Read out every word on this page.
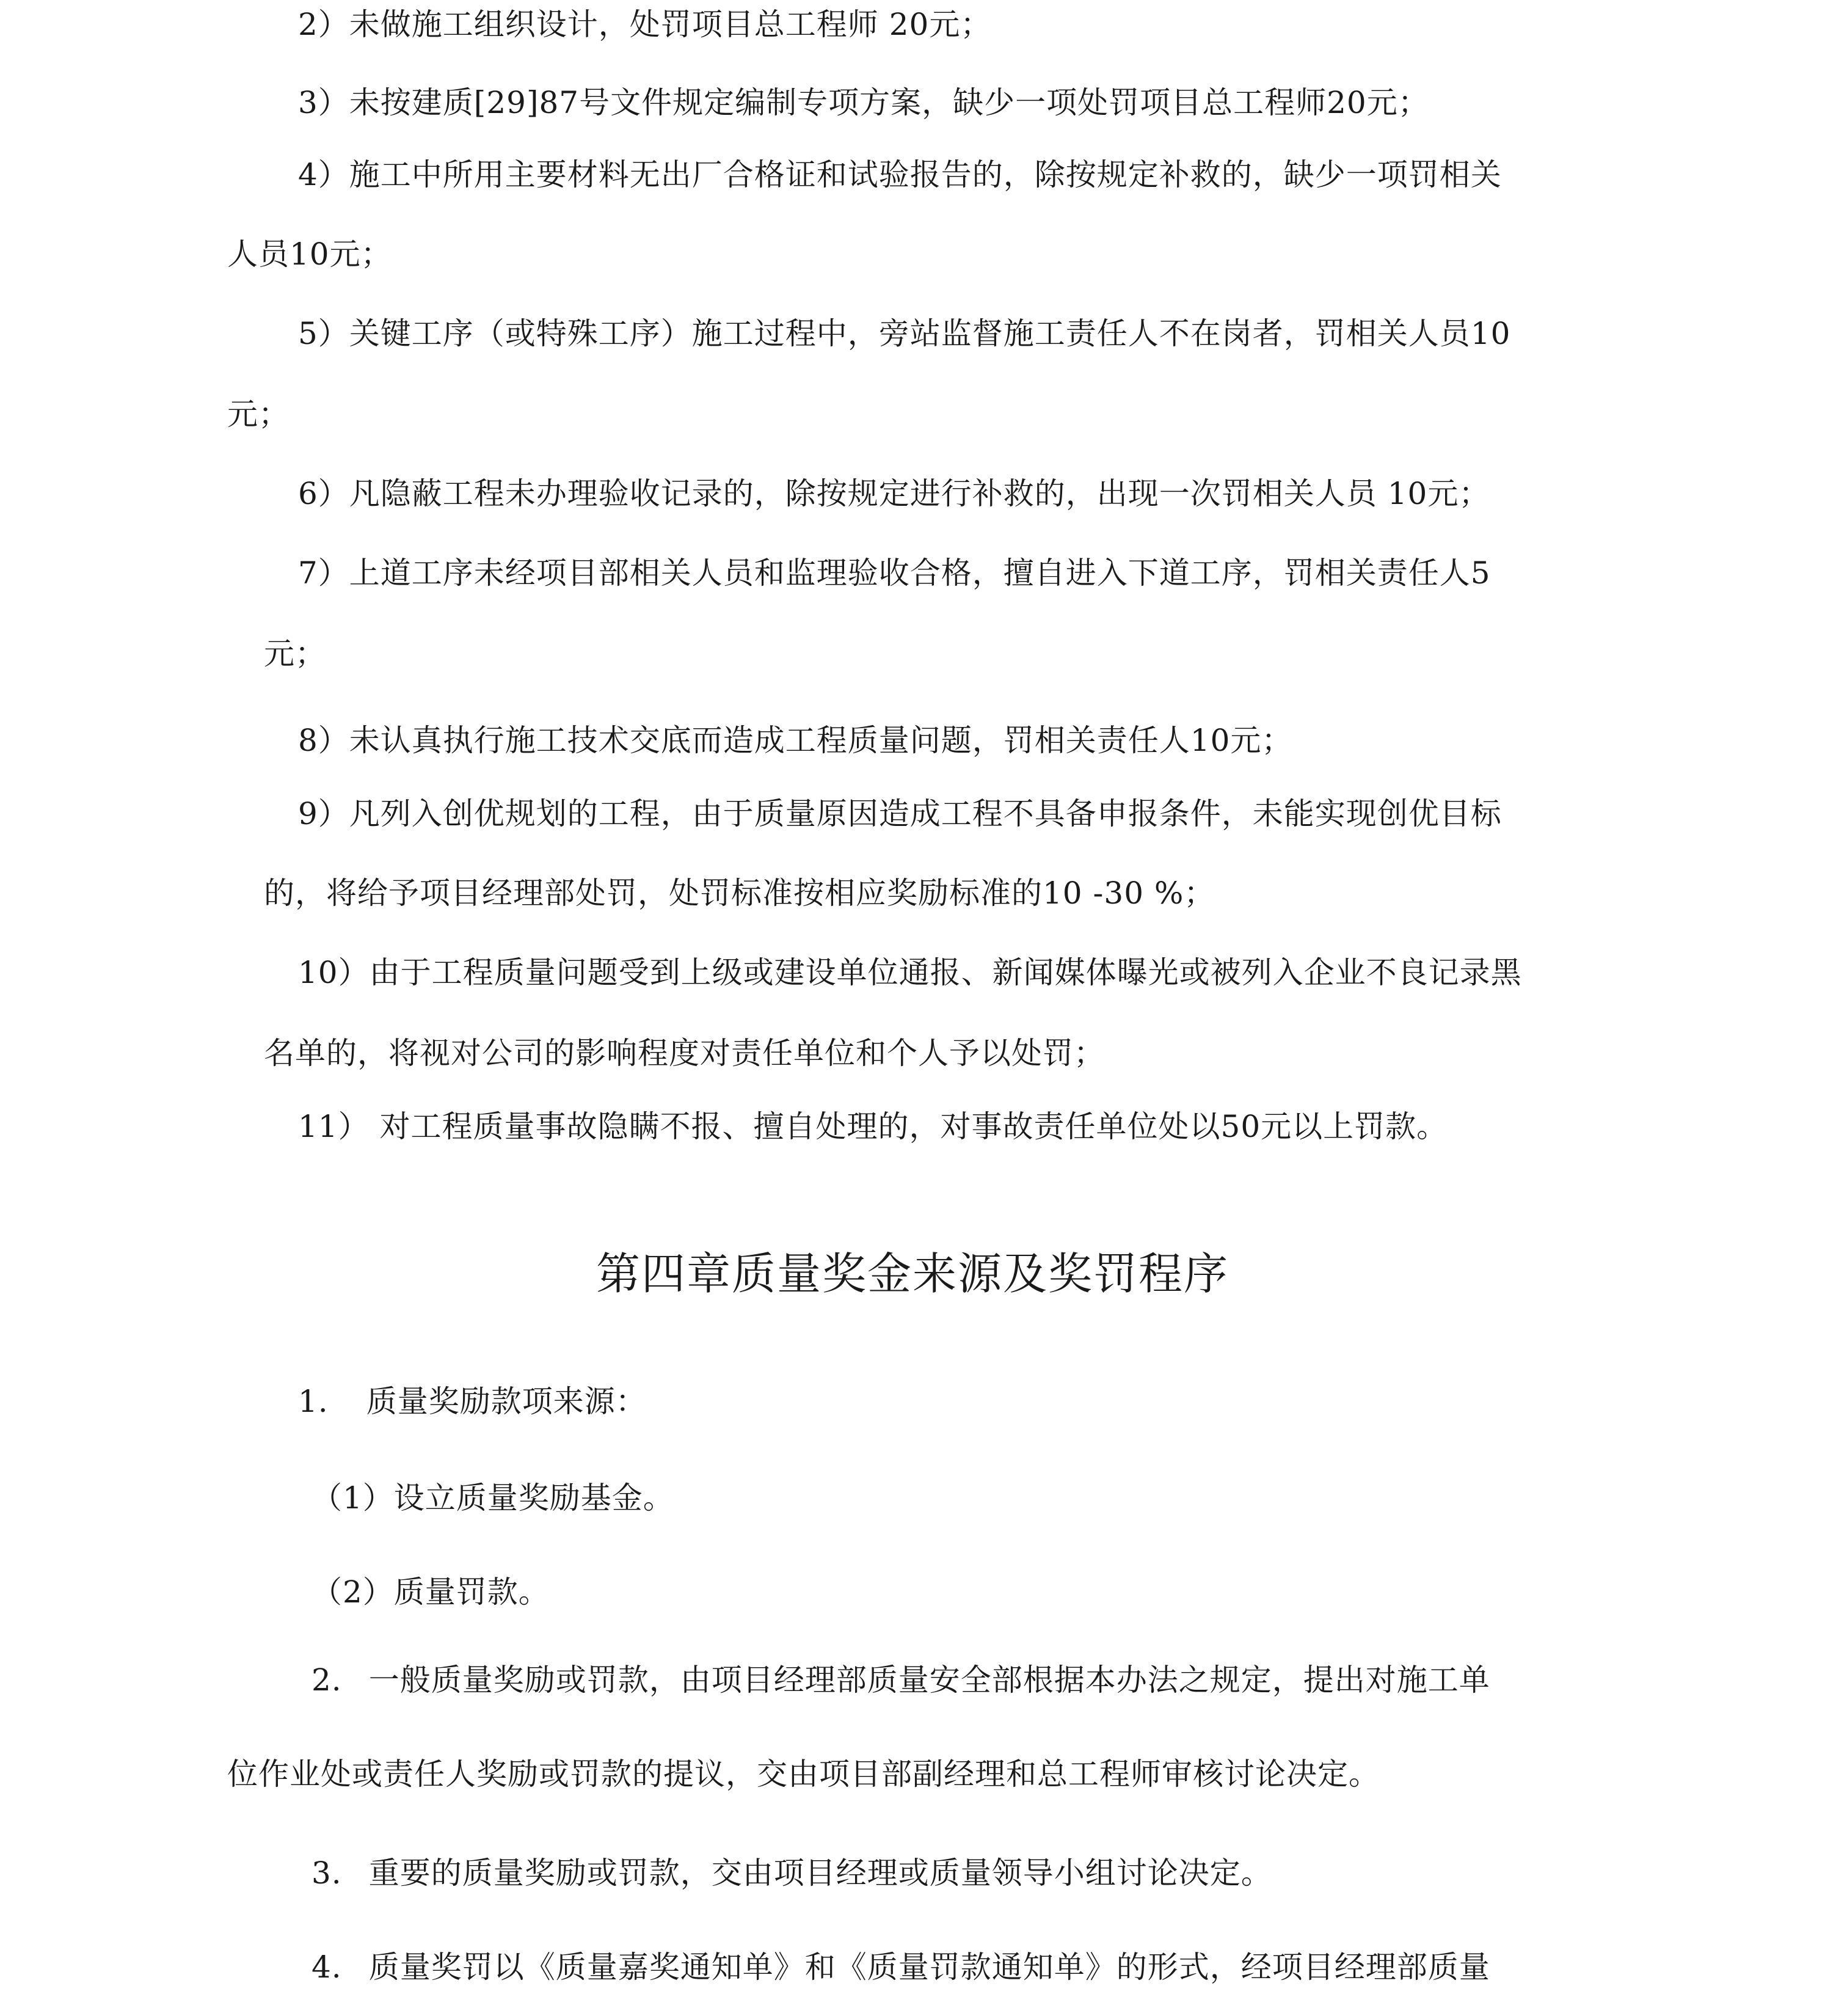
2）未做施工组织设计，处罚项目总工程师 20元；
3）未按建质[29]87号文件规定编制专项方案，缺少一项处罚项目总工程师20元；
4）施工中所用主要材料无出厂合格证和试验报告的，除按规定补救的，缺少一项罚相关
人员10元；
5）关键工序（或特殊工序）施工过程中，旁站监督施工责任人不在岗者，罚相关人员10
元；
6）凡隐蔽工程未办理验收记录的，除按规定进行补救的，出现一次罚相关人员 10元；
7）上道工序未经项目部相关人员和监理验收合格，擅自进入下道工序，罚相关责任人5
元；
8）未认真执行施工技术交底而造成工程质量问题，罚相关责任人10元；
9）凡列入创优规划的工程，由于质量原因造成工程不具备申报条件，未能实现创优目标
的，将给予项目经理部处罚，处罚标准按相应奖励标准的10 -30 %；
10）由于工程质量问题受到上级或建设单位通报、新闻媒体曝光或被列入企业不良记录黑
名单的，将视对公司的影响程度对责任单位和个人予以处罚；
11） 对工程质量事故隐瞒不报、擅自处理的，对事故责任单位处以50元以上罚款。
第四章质量奖金来源及奖罚程序
1. 质量奖励款项来源：
（1）设立质量奖励基金。
（2）质量罚款。
2. 一般质量奖励或罚款，由项目经理部质量安全部根据本办法之规定，提出对施工单
位作业处或责任人奖励或罚款的提议，交由项目部副经理和总工程师审核讨论决定。
3. 重要的质量奖励或罚款，交由项目经理或质量领导小组讨论决定。
4. 质量奖罚以《质量嘉奖通知单》和《质量罚款通知单》的形式，经项目经理部质量
